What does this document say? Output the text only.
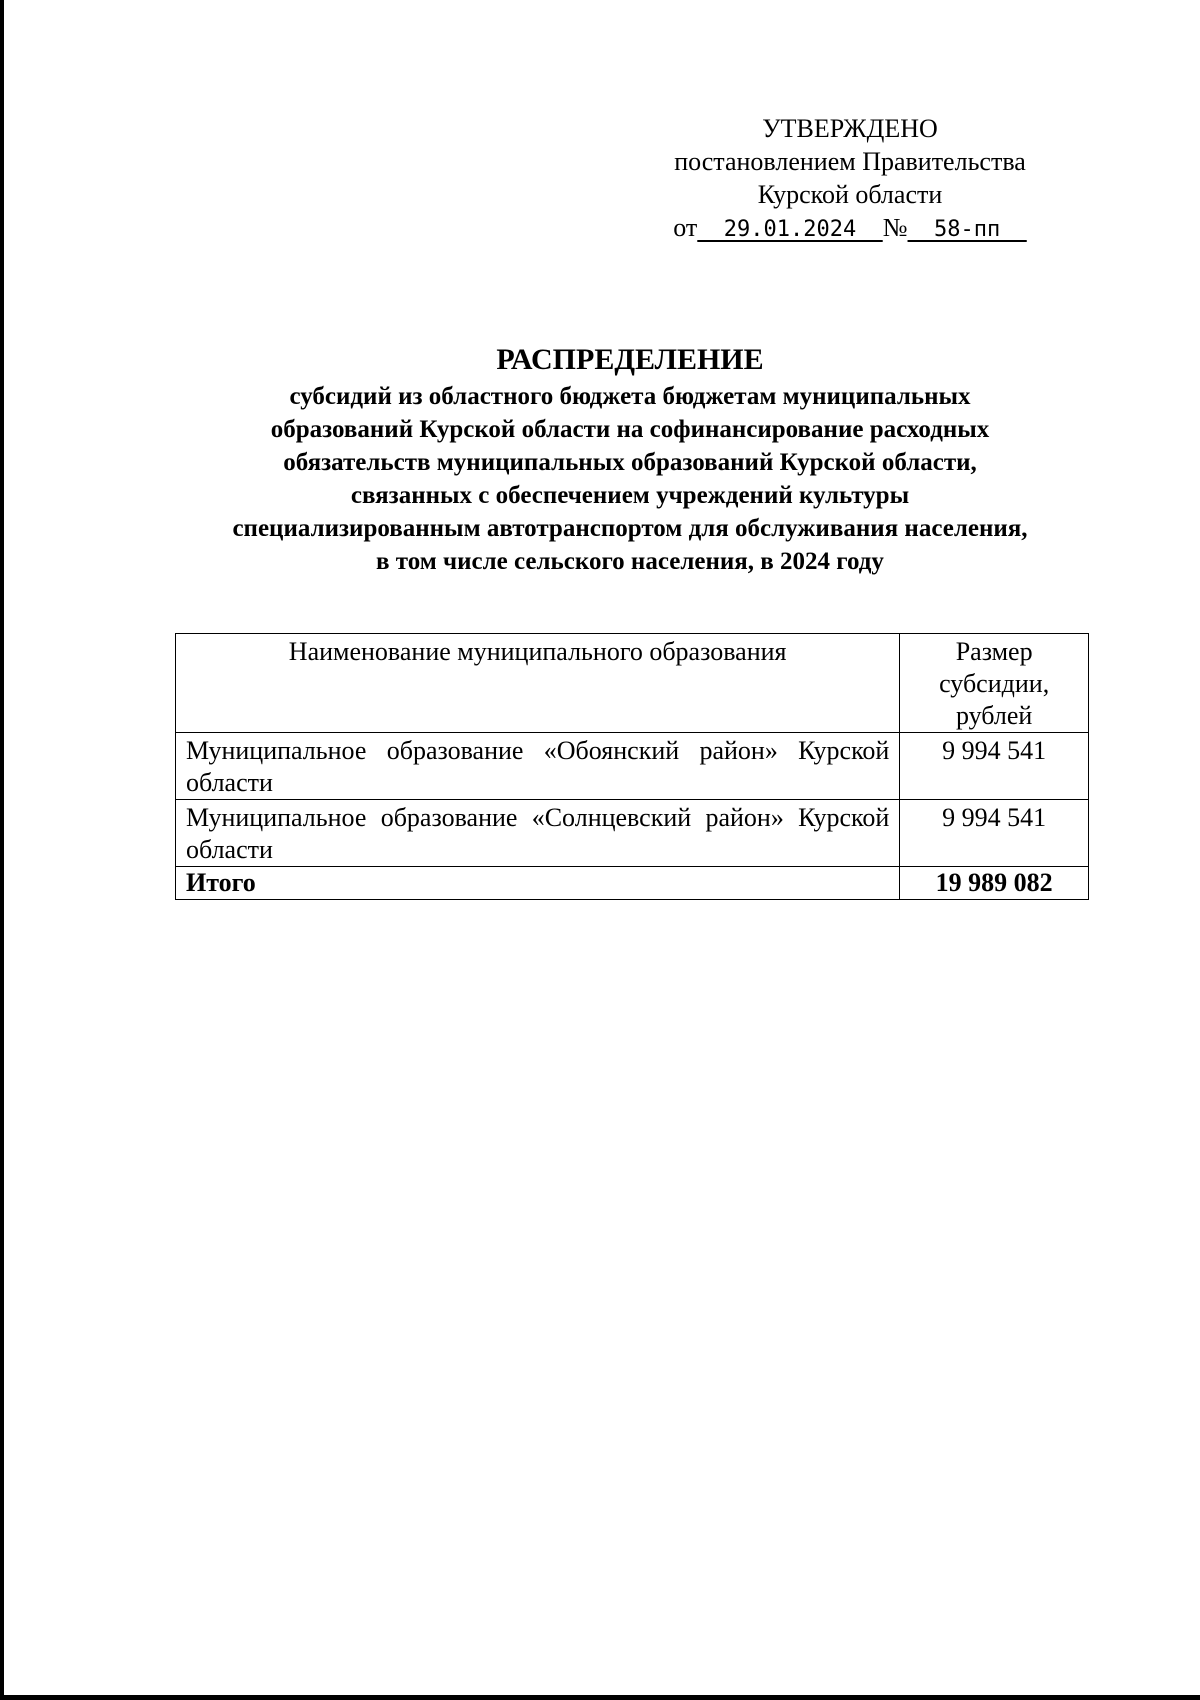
УТВЕРЖДЕНО
постановлением Правительства
Курской области
от  29.01.2024  №  58-пп
РАСПРЕДЕЛЕНИЕ
субсидий из областного бюджета бюджетам муниципальных
образований Курской области на софинансирование расходных
обязательств муниципальных образований Курской области,
связанных с обеспечением учреждений культуры
специализированным автотранспортом для обслуживания населения,
в том числе сельского населения, в 2024 году
Наименование муниципального образования	Размер
субсидии,
рублей
Муниципальное образование «Обоянский район» Курской области	9 994 541
Муниципальное образование «Солнцевский район» Курской области	9 994 541
Итого	19 989 082
